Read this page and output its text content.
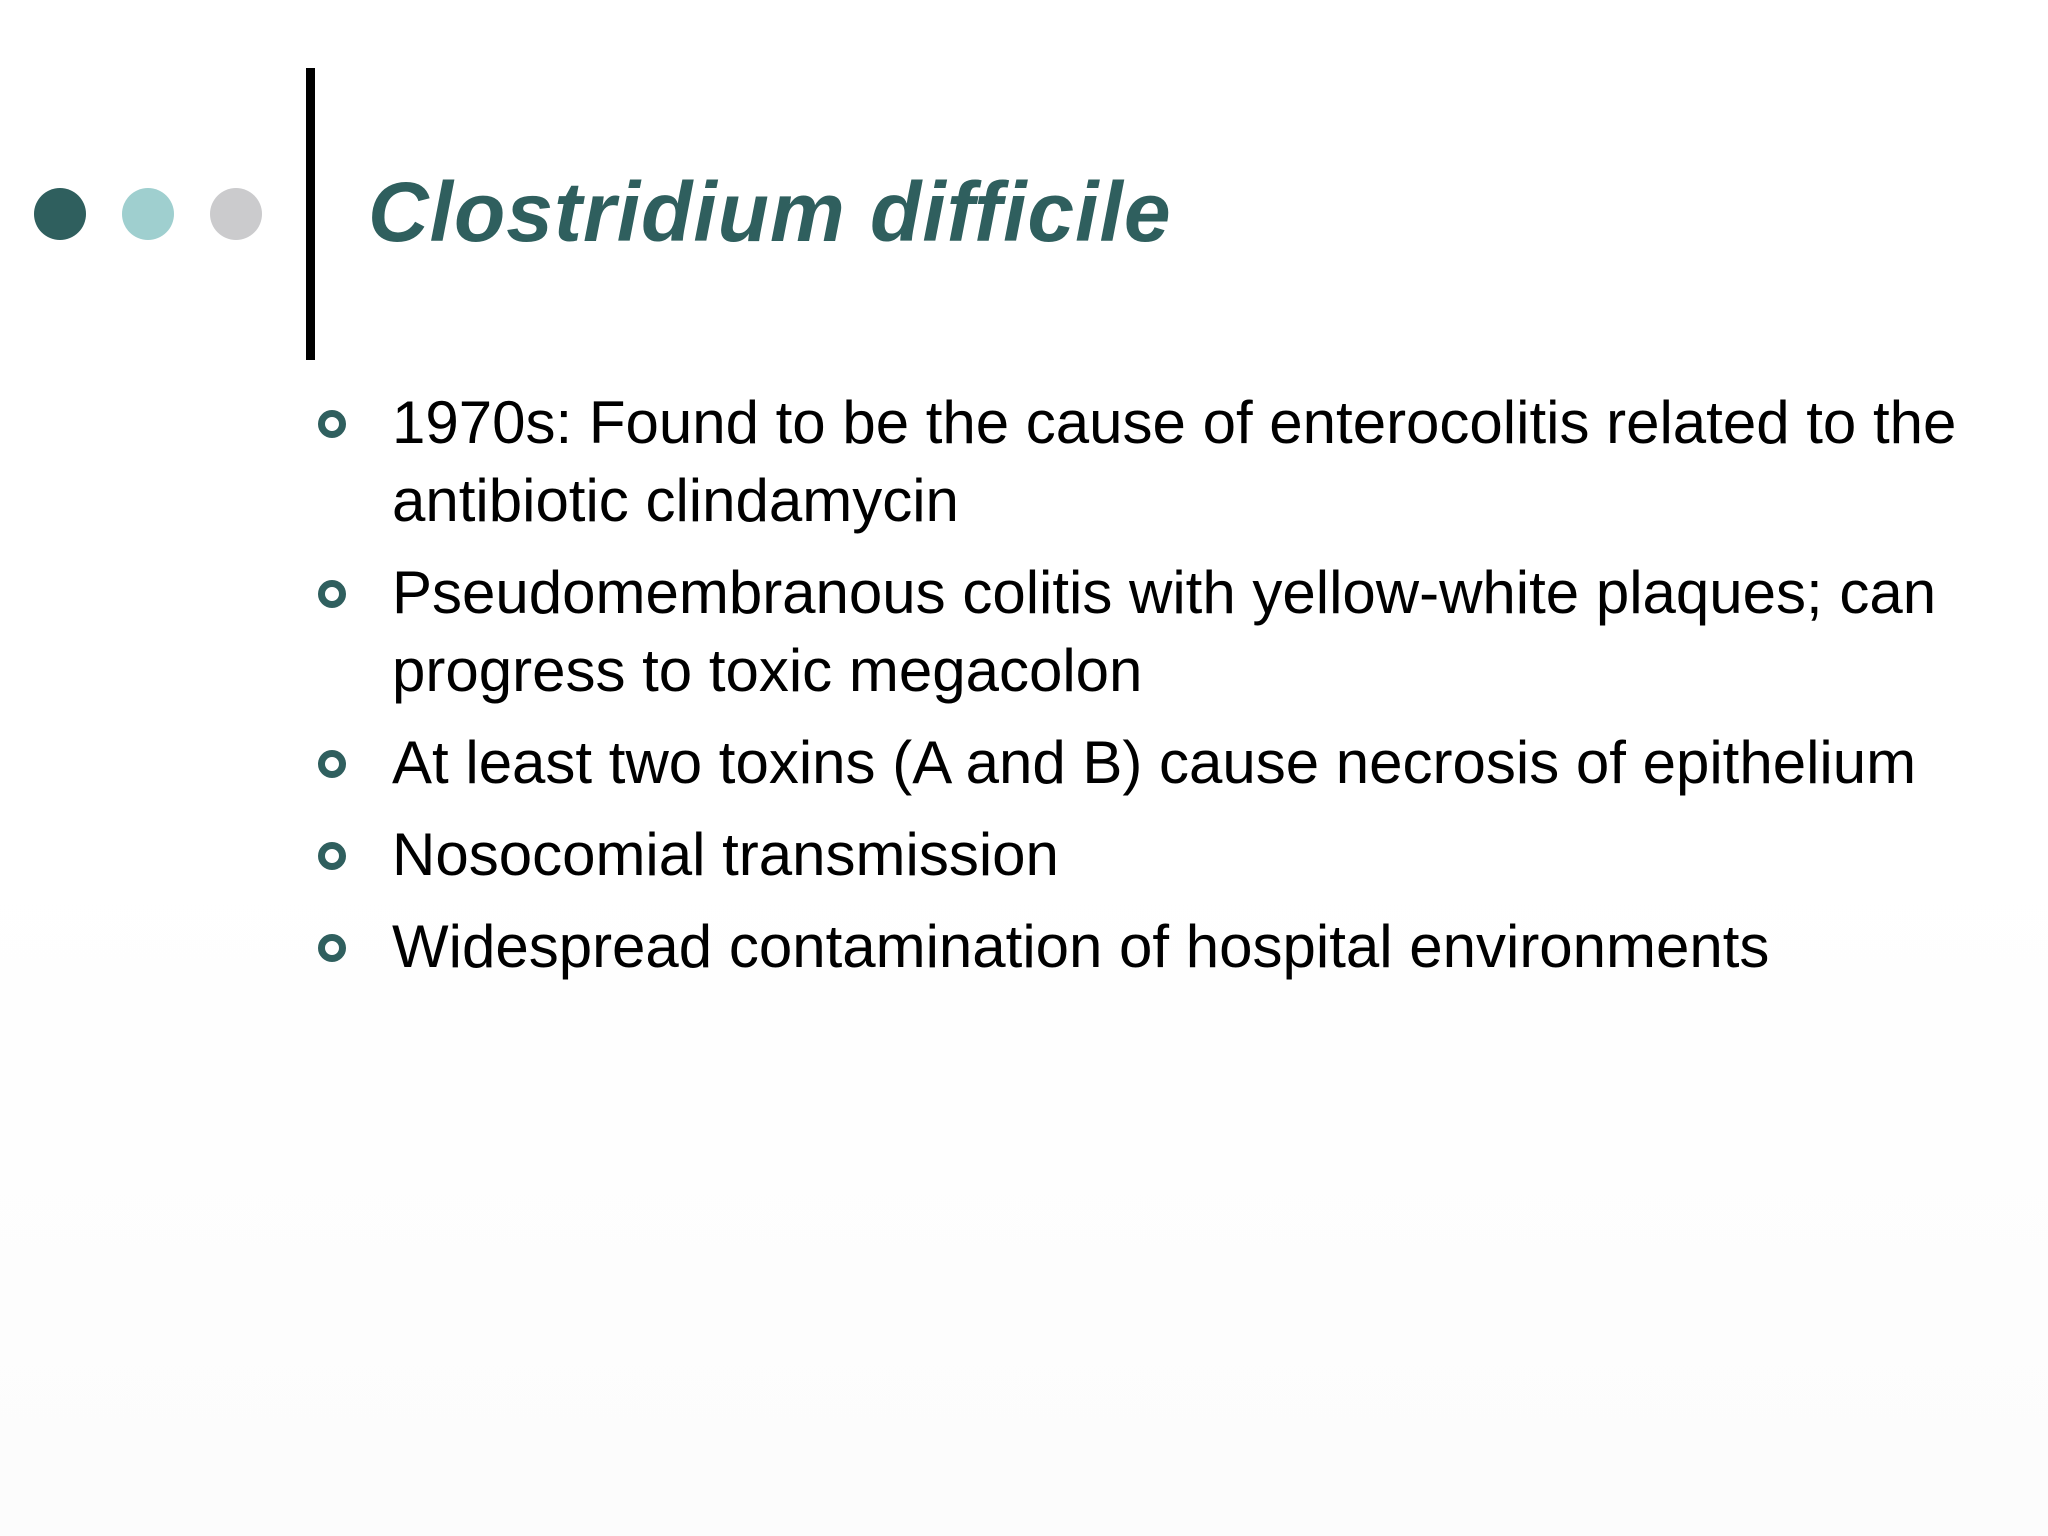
Clostridium difficile
1970s: Found to be the cause of enterocolitis related to the antibiotic clindamycin
Pseudomembranous colitis with yellow-white plaques; can progress to toxic megacolon
At least two toxins (A and B) cause necrosis of epithelium
Nosocomial transmission
Widespread contamination of hospital environments
